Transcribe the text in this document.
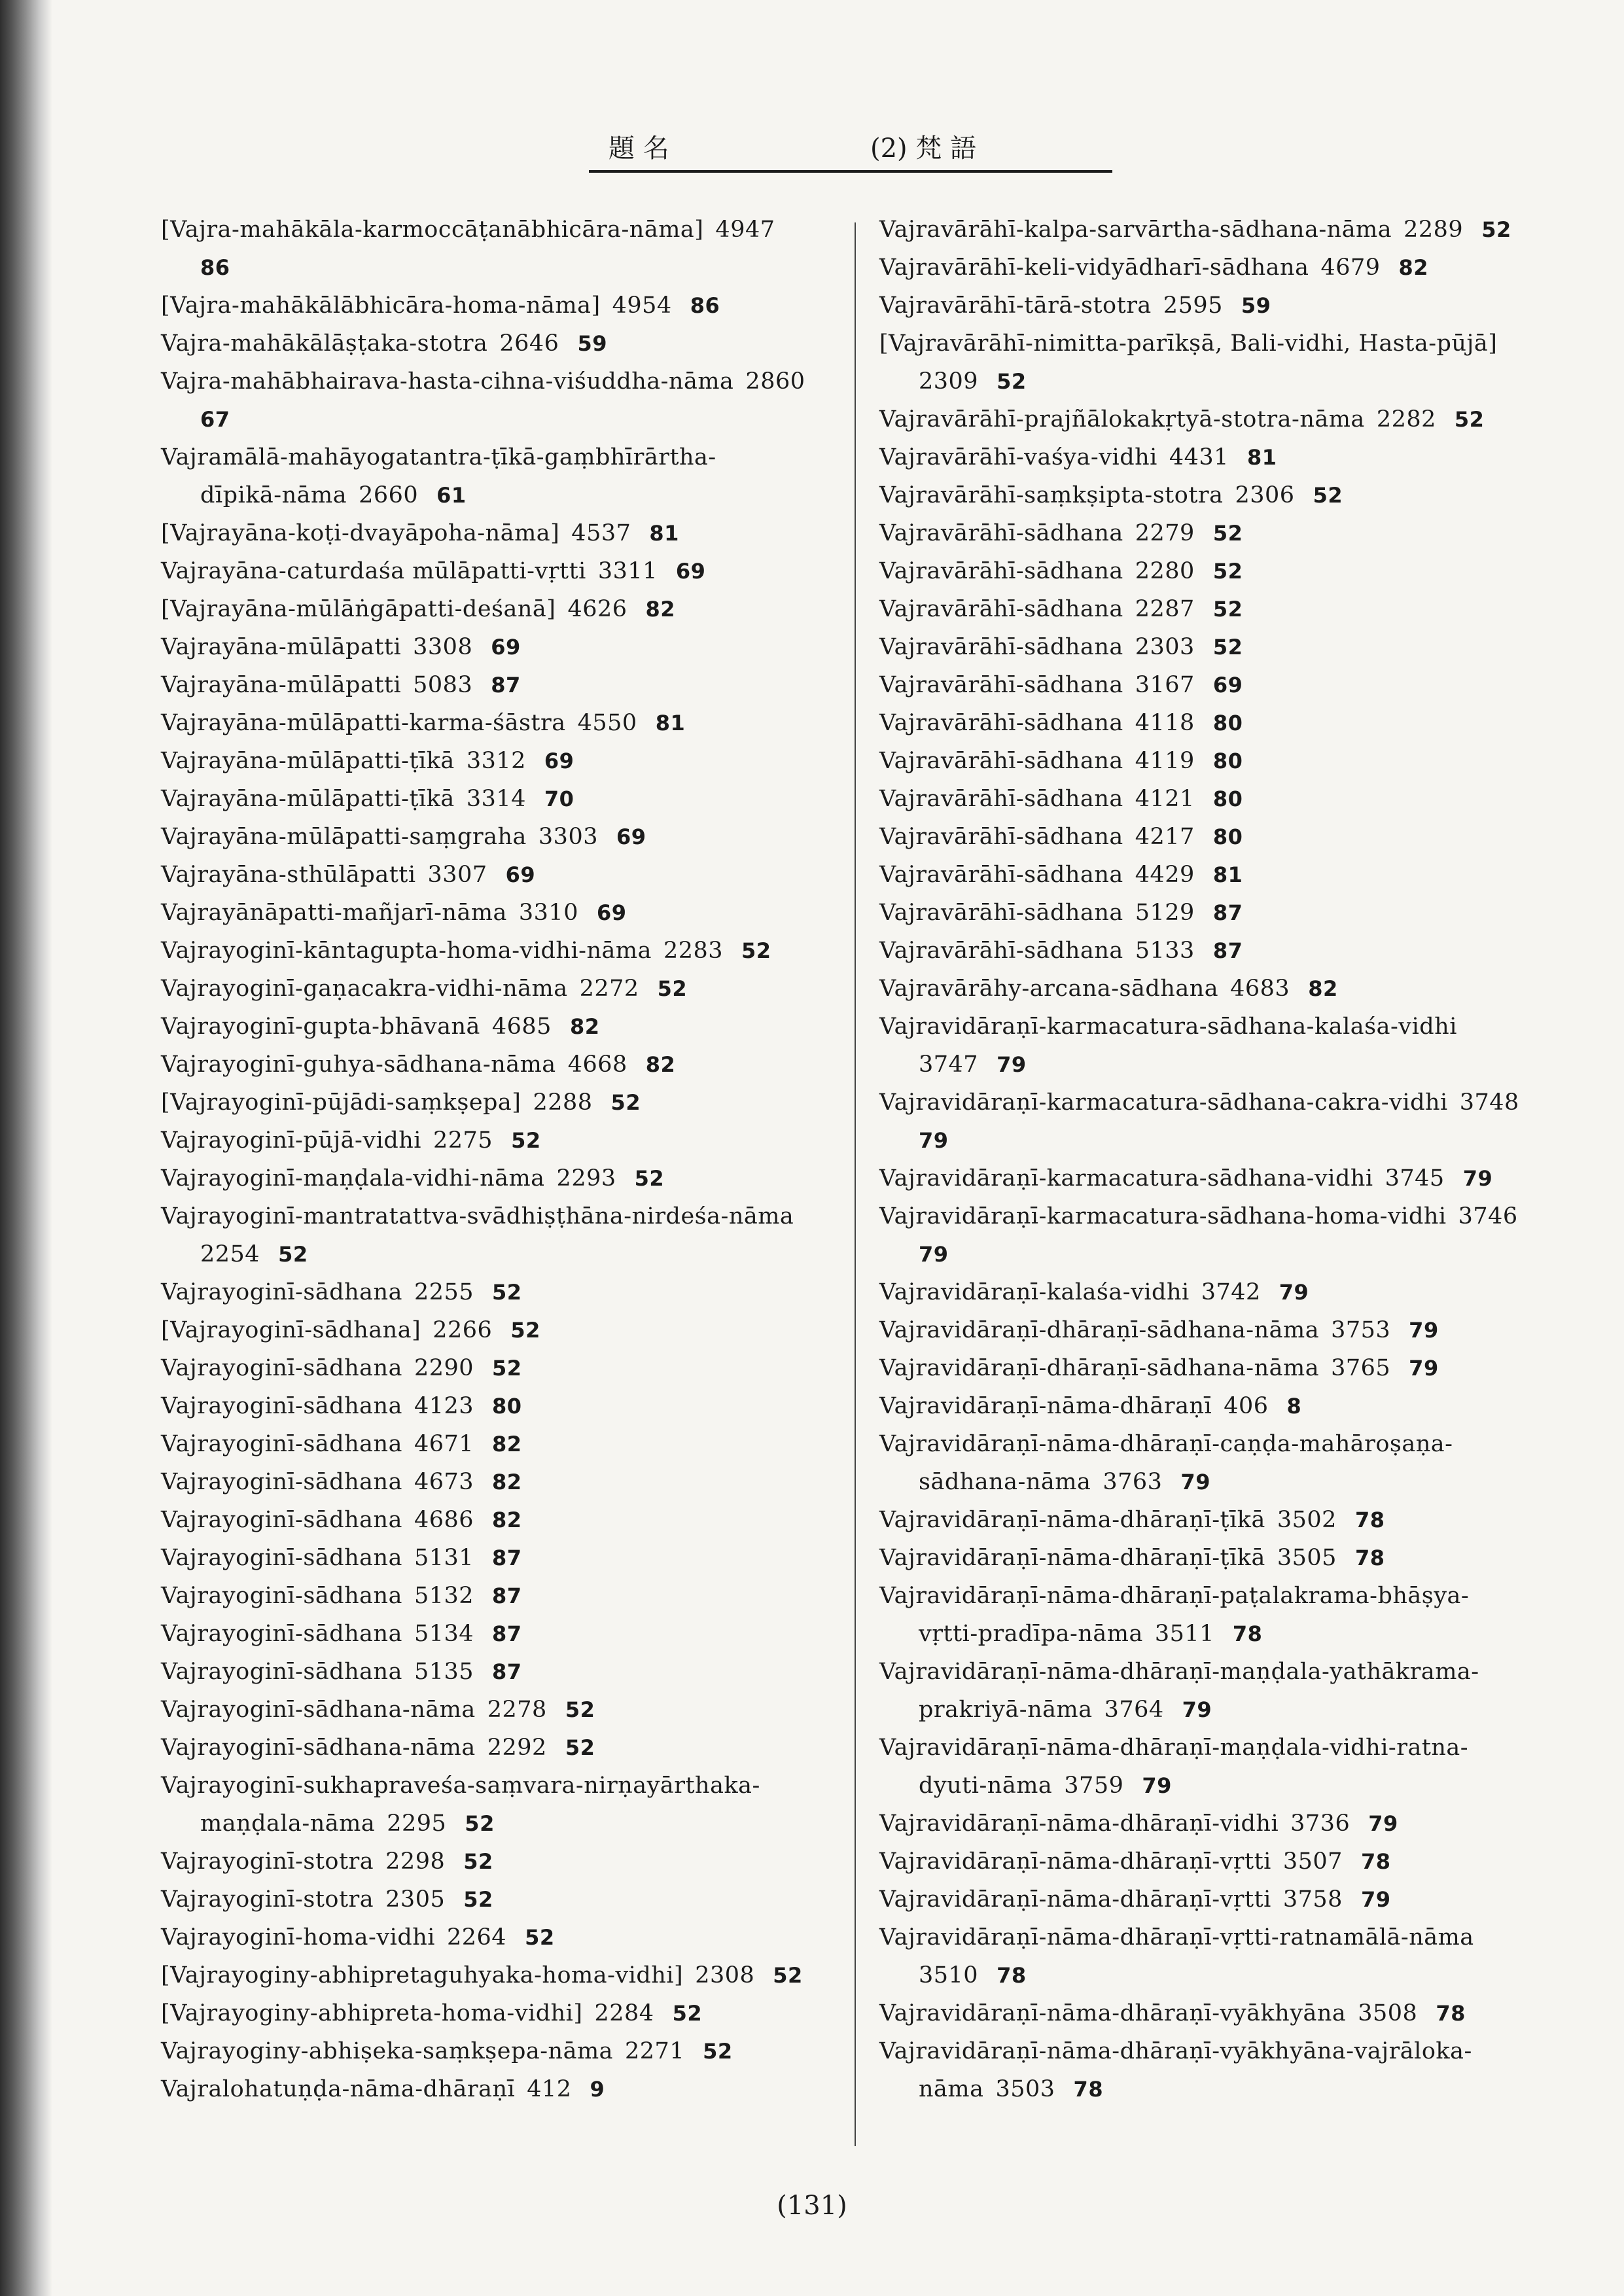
題 名	(2) 梵 語
[Vajra-mahākāla-karmoccāṭanābhicāra-nāma] 4947
86
[Vajra-mahākālābhicāra-homa-nāma] 4954 86
Vajra-mahākālāṣṭaka-stotra 2646 59
Vajra-mahābhairava-hasta-cihna-viśuddha-nāma 2860
67
Vajramālā-mahāyogatantra-ṭīkā-gaṃbhīrārtha-
dīpikā-nāma 2660 61
[Vajrayāna-koṭi-dvayāpoha-nāma] 4537 81
Vajrayāna-caturdaśa mūlāpatti-vṛtti 3311 69
[Vajrayāna-mūlāṅgāpatti-deśanā] 4626 82
Vajrayāna-mūlāpatti 3308 69
Vajrayāna-mūlāpatti 5083 87
Vajrayāna-mūlāpatti-karma-śāstra 4550 81
Vajrayāna-mūlāpatti-ṭīkā 3312 69
Vajrayāna-mūlāpatti-ṭīkā 3314 70
Vajrayāna-mūlāpatti-saṃgraha 3303 69
Vajrayāna-sthūlāpatti 3307 69
Vajrayānāpatti-mañjarī-nāma 3310 69
Vajrayoginī-kāntagupta-homa-vidhi-nāma 2283 52
Vajrayoginī-gaṇacakra-vidhi-nāma 2272 52
Vajrayoginī-gupta-bhāvanā 4685 82
Vajrayoginī-guhya-sādhana-nāma 4668 82
[Vajrayoginī-pūjādi-saṃkṣepa] 2288 52
Vajrayoginī-pūjā-vidhi 2275 52
Vajrayoginī-maṇḍala-vidhi-nāma 2293 52
Vajrayoginī-mantratattva-svādhiṣṭhāna-nirdeśa-nāma
2254 52
Vajrayoginī-sādhana 2255 52
[Vajrayoginī-sādhana] 2266 52
Vajrayoginī-sādhana 2290 52
Vajrayoginī-sādhana 4123 80
Vajrayoginī-sādhana 4671 82
Vajrayoginī-sādhana 4673 82
Vajrayoginī-sādhana 4686 82
Vajrayoginī-sādhana 5131 87
Vajrayoginī-sādhana 5132 87
Vajrayoginī-sādhana 5134 87
Vajrayoginī-sādhana 5135 87
Vajrayoginī-sādhana-nāma 2278 52
Vajrayoginī-sādhana-nāma 2292 52
Vajrayoginī-sukhapraveśa-saṃvara-nirṇayārthaka-
maṇḍala-nāma 2295 52
Vajrayoginī-stotra 2298 52
Vajrayoginī-stotra 2305 52
Vajrayoginī-homa-vidhi 2264 52
[Vajrayoginy-abhipretaguhyaka-homa-vidhi] 2308 52
[Vajrayoginy-abhipreta-homa-vidhi] 2284 52
Vajrayoginy-abhiṣeka-saṃkṣepa-nāma 2271 52
Vajralohatuṇḍa-nāma-dhāraṇī 412 9
Vajravārāhī-kalpa-sarvārtha-sādhana-nāma 2289 52
Vajravārāhī-keli-vidyādharī-sādhana 4679 82
Vajravārāhī-tārā-stotra 2595 59
[Vajravārāhī-nimitta-parīkṣā, Bali-vidhi, Hasta-pūjā]
2309 52
Vajravārāhī-prajñālokakṛtyā-stotra-nāma 2282 52
Vajravārāhī-vaśya-vidhi 4431 81
Vajravārāhī-saṃkṣipta-stotra 2306 52
Vajravārāhī-sādhana 2279 52
Vajravārāhī-sādhana 2280 52
Vajravārāhī-sādhana 2287 52
Vajravārāhī-sādhana 2303 52
Vajravārāhī-sādhana 3167 69
Vajravārāhī-sādhana 4118 80
Vajravārāhī-sādhana 4119 80
Vajravārāhī-sādhana 4121 80
Vajravārāhī-sādhana 4217 80
Vajravārāhī-sādhana 4429 81
Vajravārāhī-sādhana 5129 87
Vajravārāhī-sādhana 5133 87
Vajravārāhy-arcana-sādhana 4683 82
Vajravidāraṇī-karmacatura-sādhana-kalaśa-vidhi
3747 79
Vajravidāraṇī-karmacatura-sādhana-cakra-vidhi 3748
79
Vajravidāraṇī-karmacatura-sādhana-vidhi 3745 79
Vajravidāraṇī-karmacatura-sādhana-homa-vidhi 3746
79
Vajravidāraṇī-kalaśa-vidhi 3742 79
Vajravidāraṇī-dhāraṇī-sādhana-nāma 3753 79
Vajravidāraṇī-dhāraṇī-sādhana-nāma 3765 79
Vajravidāraṇī-nāma-dhāraṇī 406 8
Vajravidāraṇī-nāma-dhāraṇī-caṇḍa-mahāroṣaṇa-
sādhana-nāma 3763 79
Vajravidāraṇī-nāma-dhāraṇī-ṭīkā 3502 78
Vajravidāraṇī-nāma-dhāraṇī-ṭīkā 3505 78
Vajravidāraṇī-nāma-dhāraṇī-paṭalakrama-bhāṣya-
vṛtti-pradīpa-nāma 3511 78
Vajravidāraṇī-nāma-dhāraṇī-maṇḍala-yathākrama-
prakriyā-nāma 3764 79
Vajravidāraṇī-nāma-dhāraṇī-maṇḍala-vidhi-ratna-
dyuti-nāma 3759 79
Vajravidāraṇī-nāma-dhāraṇī-vidhi 3736 79
Vajravidāraṇī-nāma-dhāraṇī-vṛtti 3507 78
Vajravidāraṇī-nāma-dhāraṇī-vṛtti 3758 79
Vajravidāraṇī-nāma-dhāraṇī-vṛtti-ratnamālā-nāma
3510 78
Vajravidāraṇī-nāma-dhāraṇī-vyākhyāna 3508 78
Vajravidāraṇī-nāma-dhāraṇī-vyākhyāna-vajrāloka-
nāma 3503 78
(131)
